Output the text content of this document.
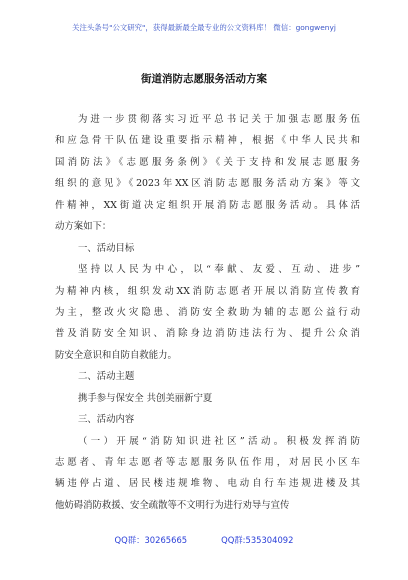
关注头条号"公文研究"，获得最新最全最专业的公文资料库！ 微信：gongwenyj
街道消防志愿服务活动方案
为进一步贯彻落实习近平总书记关于加强志愿服务伍
和应急骨干队伍建设重要指示精神，根据《中华人民共和
国消防法》《志愿服务条例》《关于支持和发展志愿服务
组织的意见》《2023年XX区消防志愿服务活动方案》等文
件精神，XX街道决定组织开展消防志愿服务活动。具体活
动方案如下：
一、活动目标
坚持以人民为中心，以“奉献、友爱、互动、进步”
为精神内核，组织发动XX消防志愿者开展以消防宣传教育
为主，整改火灾隐患、消防安全救助为辅的志愿公益行动
普及消防安全知识、消除身边消防违法行为、提升公众消
防安全意识和自防自救能力。
二、活动主题
携手参与保安全 共创美丽新宁夏
三、活动内容
（一）开展“消防知识进社区”活动。积极发挥消防
志愿者、青年志愿者等志愿服务队伍作用，对居民小区车
辆违停占道、居民楼违规堆物、电动自行车违规进楼及其
他妨碍消防救援、安全疏散等不文明行为进行劝导与宣传
QQ群：30265665	QQ群:535304092
